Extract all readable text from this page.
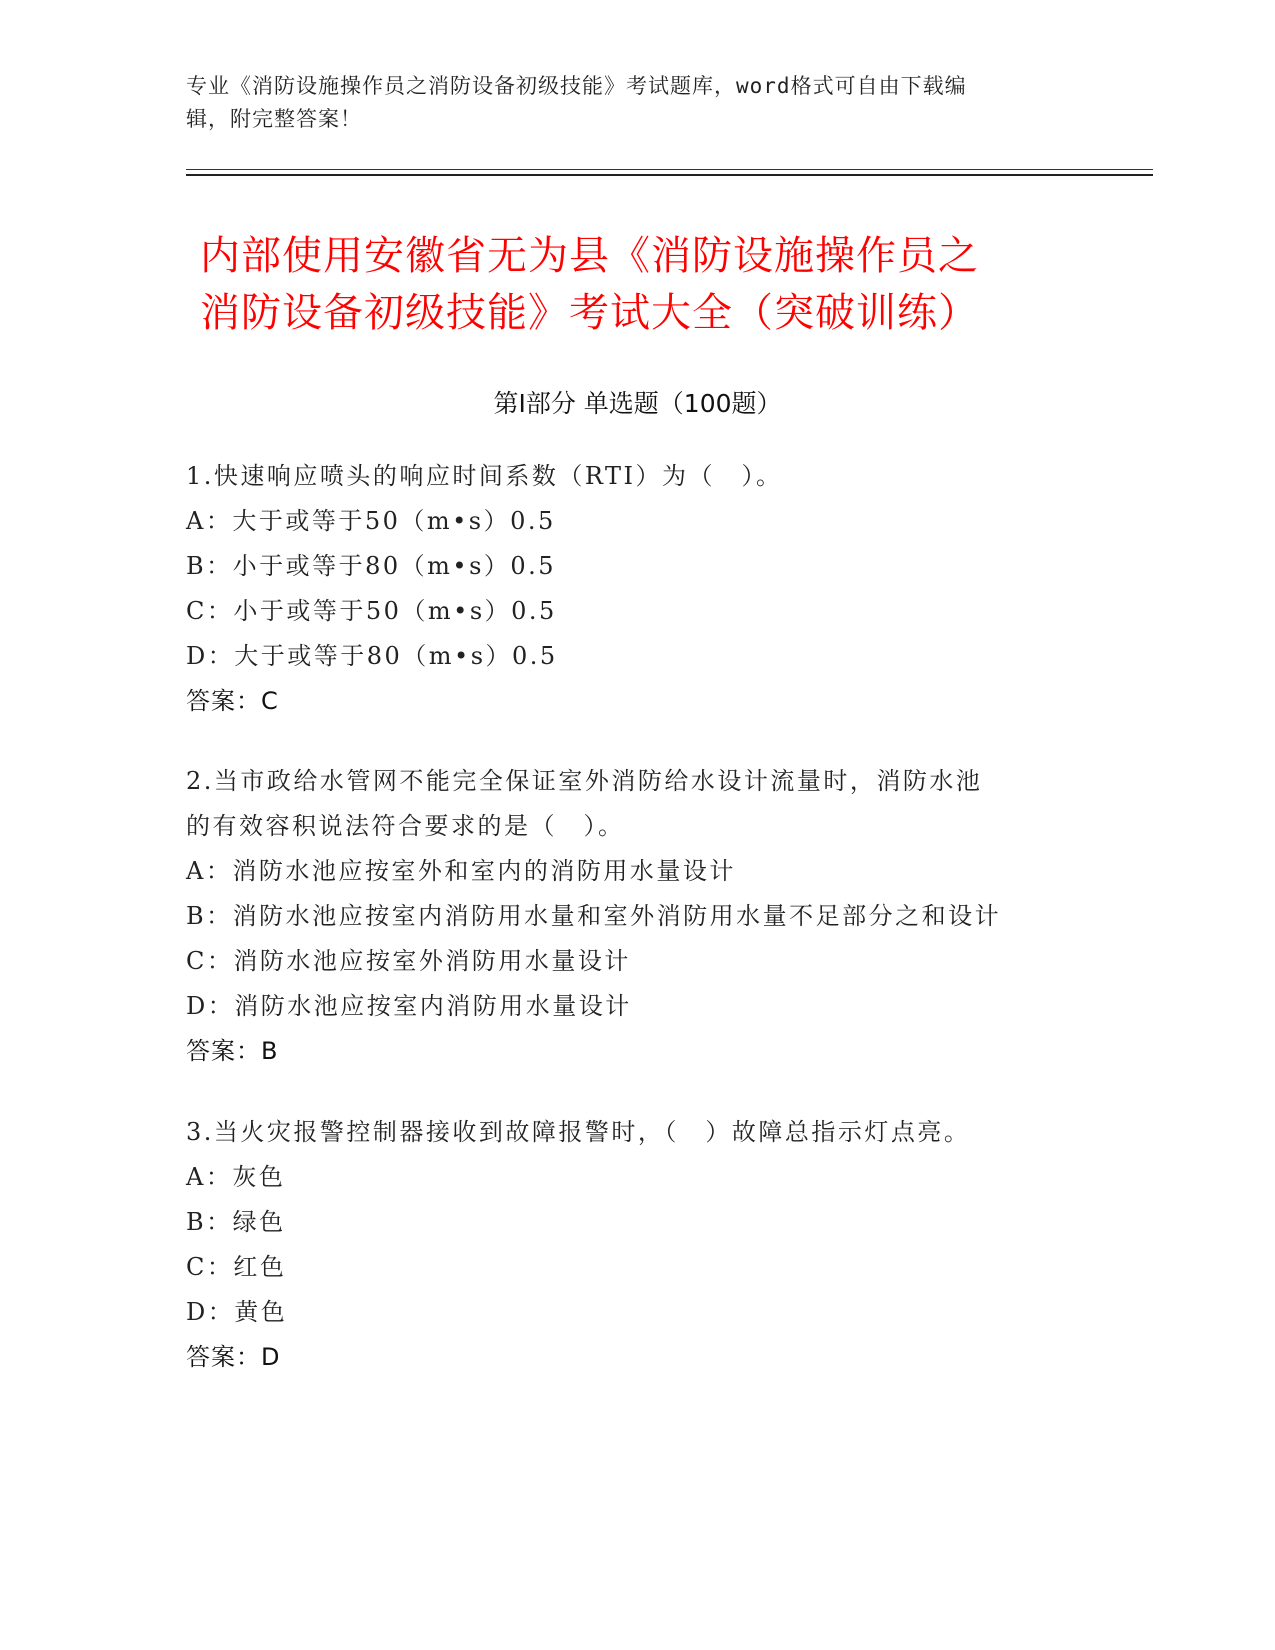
专业《消防设施操作员之消防设备初级技能》考试题库，word格式可自由下载编
辑，附完整答案！
内部使用安徽省无为县《消防设施操作员之
消防设备初级技能》考试大全（突破训练）
第Ⅰ部分 单选题（100题）
1.快速响应喷头的响应时间系数（RTI）为（　）。
A：大于或等于50（m•s）0.5
B：小于或等于80（m•s）0.5
C：小于或等于50（m•s）0.5
D：大于或等于80（m•s）0.5
答案：C
2.当市政给水管网不能完全保证室外消防给水设计流量时，消防水池
的有效容积说法符合要求的是（　）。
A：消防水池应按室外和室内的消防用水量设计
B：消防水池应按室内消防用水量和室外消防用水量不足部分之和设计
C：消防水池应按室外消防用水量设计
D：消防水池应按室内消防用水量设计
答案：B
3.当火灾报警控制器接收到故障报警时，（　）故障总指示灯点亮。
A：灰色
B：绿色
C：红色
D：黄色
答案：D
